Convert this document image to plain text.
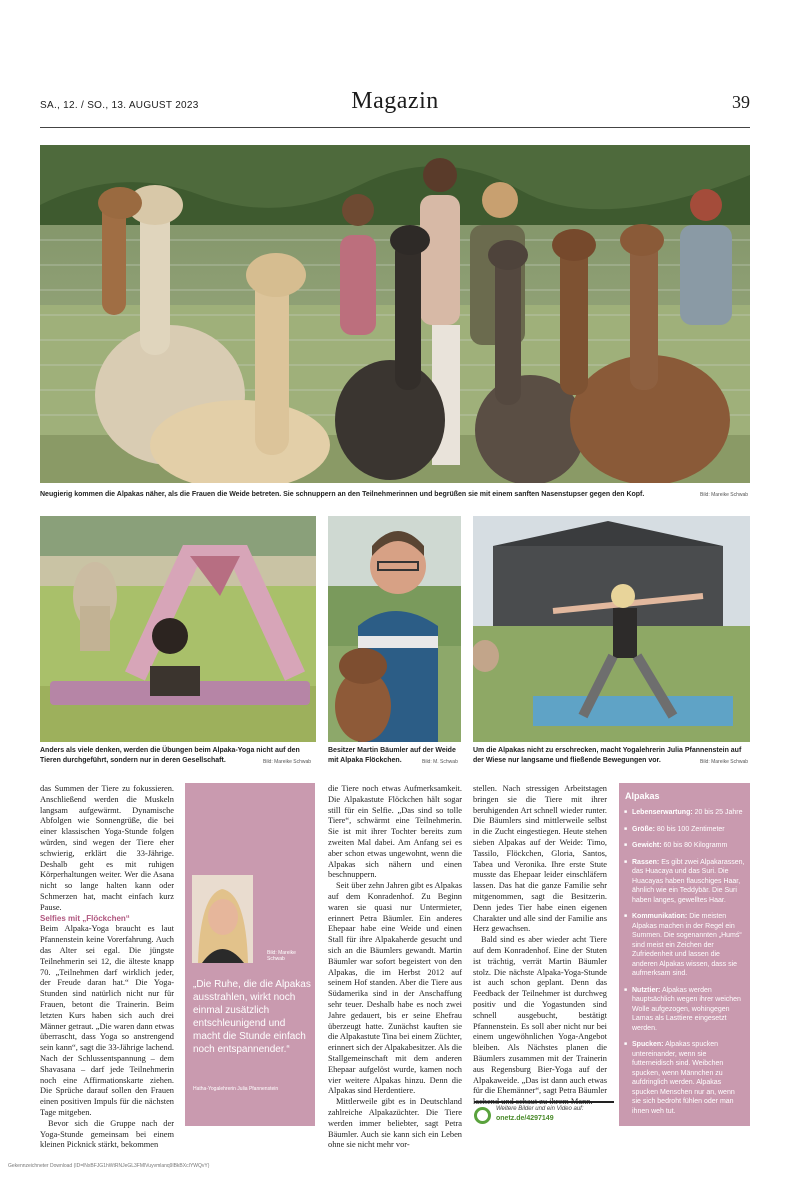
SA., 12. / SO., 13. AUGUST 2023	Magazin	39
Neugierig kommen die Alpakas näher, als die Frauen die Weide betreten. Sie schnuppern an den Teilnehmerinnen und begrüßen sie mit einem sanften Nasenstupser gegen den Kopf.	Bild: Mareike Schwab
Anders als viele denken, werden die Übungen beim Alpaka-Yoga nicht auf den Tieren durchgeführt, sondern nur in deren Gesellschaft.	Bild: Mareike Schwab
Besitzer Martin Bäumler auf der Weide mit Alpaka Flöckchen.	Bild: M. Schwab
Um die Alpakas nicht zu erschrecken, macht Yogalehrerin Julia Pfannenstein auf der Wiese nur langsame und fließende Bewegungen vor.	Bild: Mareike Schwab

das Summen der Tiere zu fokussieren. Anschließend werden die Muskeln langsam aufgewärmt. Dynamische Abfolgen wie Sonnengrüße, die bei einer klassischen Yoga-Stunde folgen würden, sind wegen der Tiere eher schwierig, erklärt die 33-Jährige. Deshalb geht es mit ruhigen Körperhaltungen weiter. Wer die Asana nicht so lange halten kann oder Schmerzen hat, macht einfach kurz Pause.

Selfies mit „Flöckchen“

Beim Alpaka-Yoga braucht es laut Pfannenstein keine Vorerfahrung. Auch das Alter sei egal. Die jüngste Teilnehmerin sei 12, die älteste knapp 70. „Teilnehmen darf wirklich jeder, der Freude daran hat.“ Die Yoga-Stunden sind natürlich nicht nur für Frauen, betont die Trainerin. Beim letzten Kurs haben sich auch drei Männer getraut. „Die waren dann etwas überrascht, dass Yoga so anstrengend sein kann“, sagt die 33-Jährige lachend. Nach der Schlussentspannung – dem Shavasana – darf jede Teilnehmerin noch eine Affirmationskarte ziehen. Die Sprüche darauf sollen den Frauen einen positiven Impuls für die nächsten Tage mitgeben.

Bevor sich die Gruppe nach der Yoga-Stunde gemeinsam bei einem kleinen Picknick stärkt, bekommen

Bild: Mareike Schwab
„Die Ruhe, die die Alpakas ausstrahlen, wirkt noch einmal zusätzlich entschleunigend und macht die Stunde einfach noch entspannender.“
Hatha-Yogalehrerin Julia Pfannenstein

die Tiere noch etwas Aufmerksamkeit. Die Alpakastute Flöckchen hält sogar still für ein Selfie. „Das sind so tolle Tiere“, schwärmt eine Teilnehmerin. Sie ist mit ihrer Tochter bereits zum zweiten Mal dabei. Am Anfang sei es aber schon etwas ungewohnt, wenn die Alpakas sich nähern und einen beschnuppern.

Seit über zehn Jahren gibt es Alpakas auf dem Konradenhof. Zu Beginn waren sie quasi nur Untermieter, erinnert Petra Bäumler. Ein anderes Ehepaar habe eine Weide und einen Stall für ihre Alpakaherde gesucht und sich an die Bäumlers gewandt. Martin Bäumler war sofort begeistert von den Alpakas, die im Herbst 2012 auf seinem Hof standen. Aber die Tiere aus Südamerika sind in der Anschaffung sehr teuer. Deshalb habe es noch zwei Jahre gedauert, bis er seine Ehefrau überzeugt hatte. Zunächst kauften sie die Alpakastute Tina bei einem Züchter, erinnert sich der Alpakabesitzer. Als die Stallgemeinschaft mit dem anderen Ehepaar aufgelöst wurde, kamen noch vier weitere Alpakas hinzu. Denn die Alpakas sind Herdentiere.

Mittlerweile gibt es in Deutschland zahlreiche Alpakazüchter. Die Tiere werden immer beliebter, sagt Petra Bäumler. Auch sie kann sich ein Leben ohne sie nicht mehr vor-

stellen. Nach stressigen Arbeitstagen bringen sie die Tiere mit ihrer beruhigenden Art schnell wieder runter. Die Bäumlers sind mittlerweile selbst in die Zucht eingestiegen. Heute stehen sieben Alpakas auf der Weide: Timo, Tassilo, Flöckchen, Gloria, Santos, Tabea und Veronika. Ihre erste Stute musste das Ehepaar leider einschläfern lassen. Das hat die ganze Familie sehr mitgenommen, sagt die Besitzerin. Denn jedes Tier habe einen eigenen Charakter und alle sind der Familie ans Herz gewachsen.

Bald sind es aber wieder acht Tiere auf dem Konradenhof. Eine der Stuten ist trächtig, verrät Martin Bäumler stolz. Die nächste Alpaka-Yoga-Stunde ist auch schon geplant. Denn das Feedback der Teilnehmer ist durchweg positiv und die Yogastunden sind schnell ausgebucht, bestätigt Pfannenstein. Es soll aber nicht nur bei einem ungewöhnlichen Yoga-Angebot bleiben. Als Nächstes planen die Bäumlers zusammen mit der Trainerin aus Regensburg Bier-Yoga auf der Alpakaweide. „Das ist dann auch etwas für die Ehemänner“, sagt Petra Bäumler lachend und schaut zu ihrem Mann.

Weitere Bilder und ein Video auf:
onetz.de/4297149
Alpakas
■ Lebenserwartung: 20 bis 25 Jahre
■ Größe: 80 bis 100 Zentimeter
■ Gewicht: 60 bis 80 Kilogramm
■ Rassen: Es gibt zwei Alpakarassen, das Huacaya und das Suri. Die Huacayas haben flauschiges Haar, ähnlich wie ein Teddybär. Die Suri haben langes, gewelltes Haar.
■ Kommunikation: Die meisten Alpakas machen in der Regel ein Summen. Die sogenannten „Humś“ sind meist ein Zeichen der Zufriedenheit und lassen die anderen Alpakas wissen, dass sie aufmerksam sind.
■ Nutztier: Alpakas werden hauptsächlich wegen ihrer weichen Wolle aufgezogen, wohingegen Lamas als Lasttiere eingesetzt werden.
■ Spucken: Alpakas spucken untereinander, wenn sie futterneidisch sind. Weibchen spucken, wenn Männchen zu aufdringlich werden. Alpakas spucken Menschen nur an, wenn sie sich bedroht fühlen oder man ihnen weh tut.
Gekennzeichneter Download (ID=lNxBFJG1hWtRNJeGL3FMlVuyvmlanq9lBkBXcIYWQvY)
